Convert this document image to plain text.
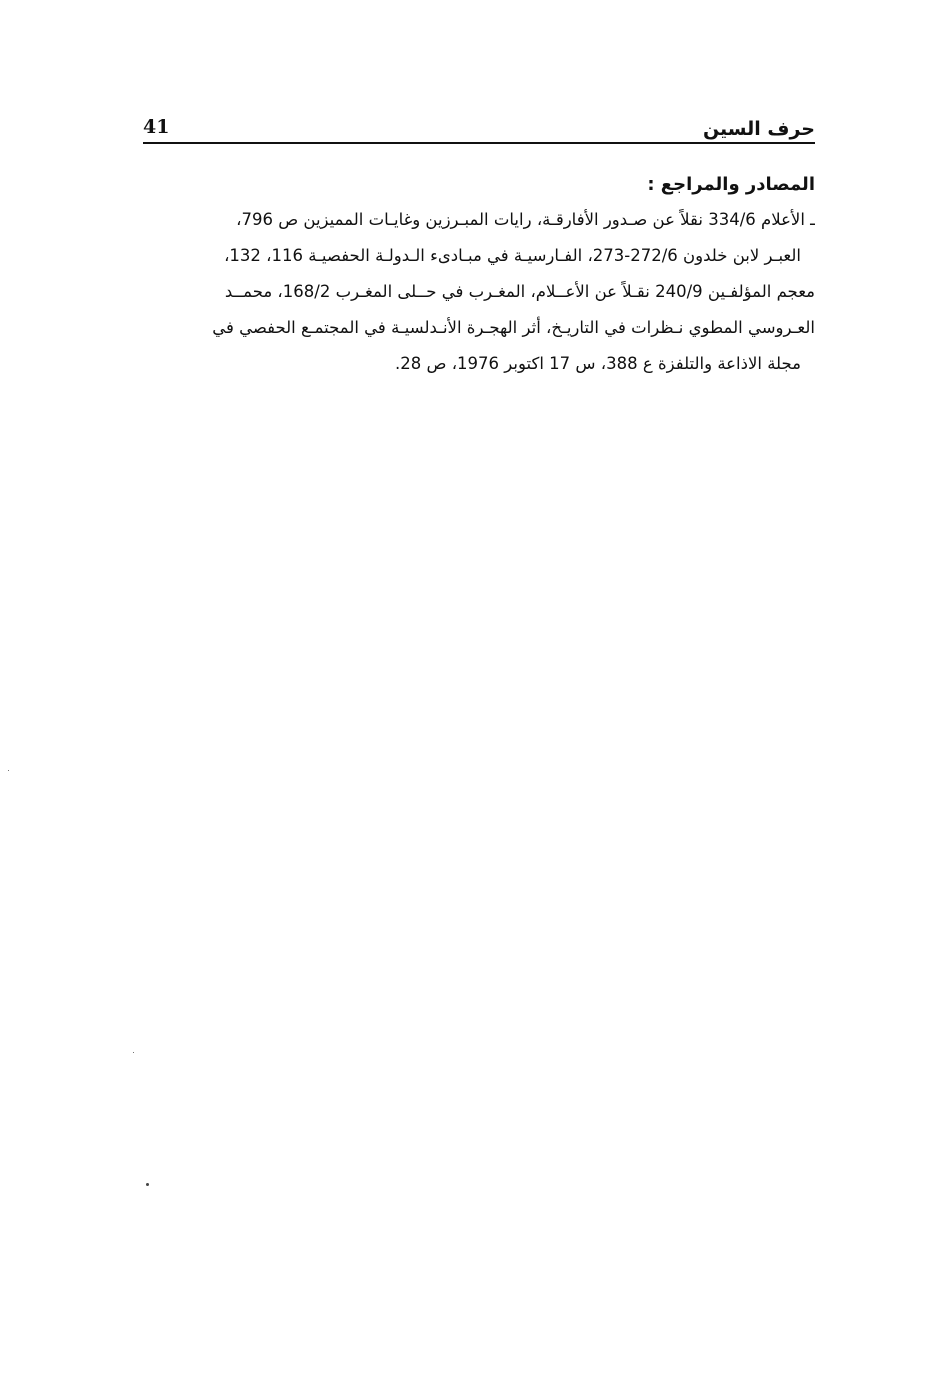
41	حرف السين

المصادر والمراجع :

ـ الأعلام 334/6 نقلاً عن صـدور الأفارقـة، رايات المبـرزين وغايـات المميزين ص 796،

العبـر لابن خلدون 272/6-273، الفـارسيـة في مبـادىء الـدولـة الحفصيـة 116، 132،

معجم المؤلفـين 240/9 نقـلاً عن الأعــلام، المغـرب في حــلى المغـرب 168/2، محمــد

العـروسي المطوي نـظرات في التاريـخ، أثر الهجـرة الأنـدلسيـة في المجتمـع الحفصي في

مجلة الاذاعة والتلفزة ع 388، س 17 اكتوبر 1976، ص 28.
